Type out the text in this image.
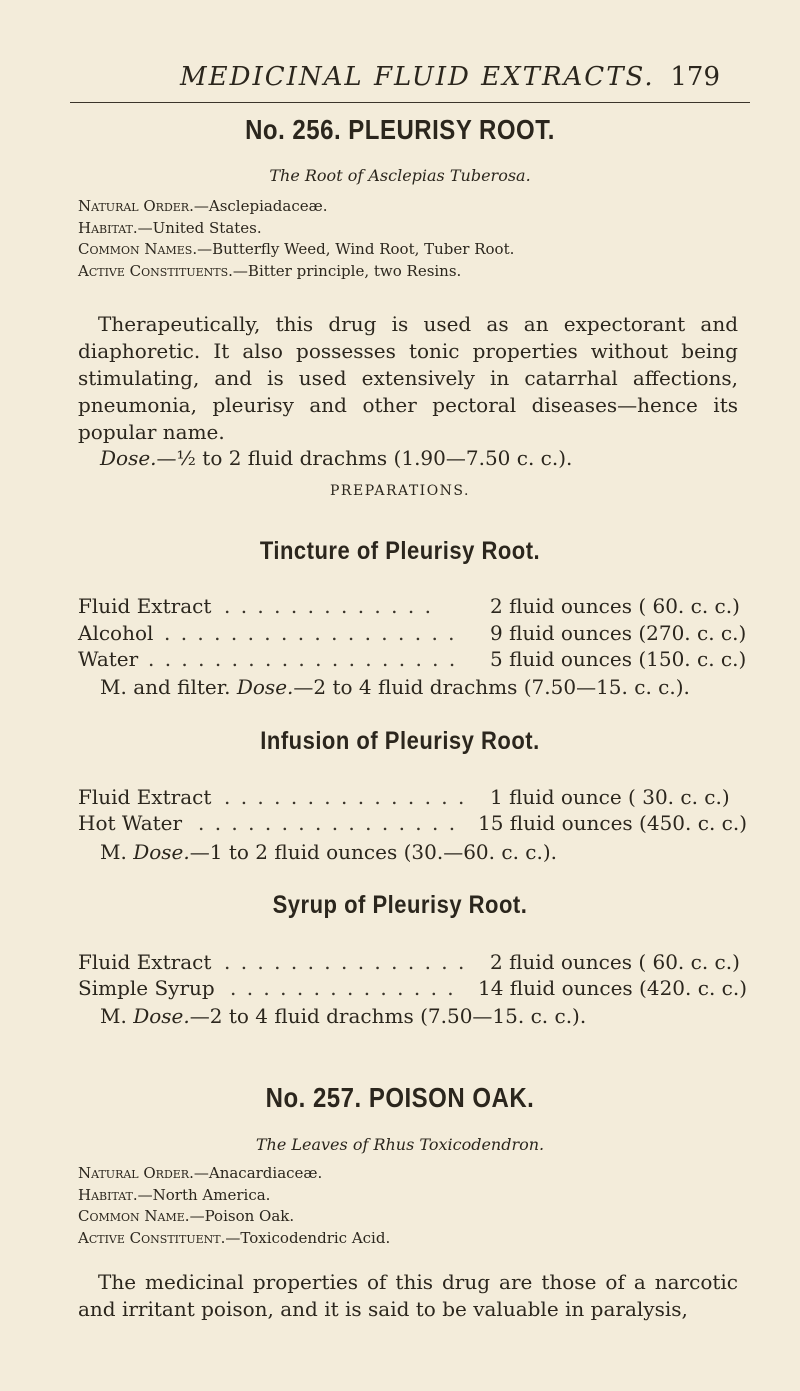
MEDICINAL FLUID EXTRACTS. 179
No. 256. PLEURISY ROOT.
The Root of Asclepias Tuberosa.
Natural Order.—Asclepiadaceæ.
Habitat.—United States.
Common Names.—Butterfly Weed, Wind Root, Tuber Root.
Active Constituents.—Bitter principle, two Resins.
Therapeutically, this drug is used as an expectorant and diaphoretic. It also possesses tonic properties without being stimulating, and is used extensively in catarrhal affections, pneumonia, pleurisy and other pectoral diseases—hence its popular name.
Dose.—½ to 2 fluid drachms (1.90—7.50 c. c.).
PREPARATIONS.
Tincture of Pleurisy Root.
Fluid Extract . . . . . . . . . . . . .	2 fluid ounces ( 60. c. c.)
Alcohol . . . . . . . . . . . . . . . . . . 9 fluid ounces (270. c. c.)
Water . . . . . . . . . . . . . . . . . . . 5 fluid ounces (150. c. c.)
M. and filter. Dose.—2 to 4 fluid drachms (7.50—15. c. c.).
Infusion of Pleurisy Root.
Fluid Extract . . . . . . . . . . . . . . . 1 fluid ounce ( 30. c. c.)
Hot Water . . . . . . . . . . . . . . . . 15 fluid ounces (450. c. c.)
M. Dose.—1 to 2 fluid ounces (30.—60. c. c.).
Syrup of Pleurisy Root.
Fluid Extract . . . . . . . . . . . . . . . 2 fluid ounces ( 60. c. c.)
Simple Syrup . . . . . . . . . . . . . . 14 fluid ounces (420. c. c.)
M. Dose.—2 to 4 fluid drachms (7.50—15. c. c.).
No. 257. POISON OAK.
The Leaves of Rhus Toxicodendron.
Natural Order.—Anacardiaceæ.
Habitat.—North America.
Common Name.—Poison Oak.
Active Constituent.—Toxicodendric Acid.
The medicinal properties of this drug are those of a narcotic and irritant poison, and it is said to be valuable in paralysis,
